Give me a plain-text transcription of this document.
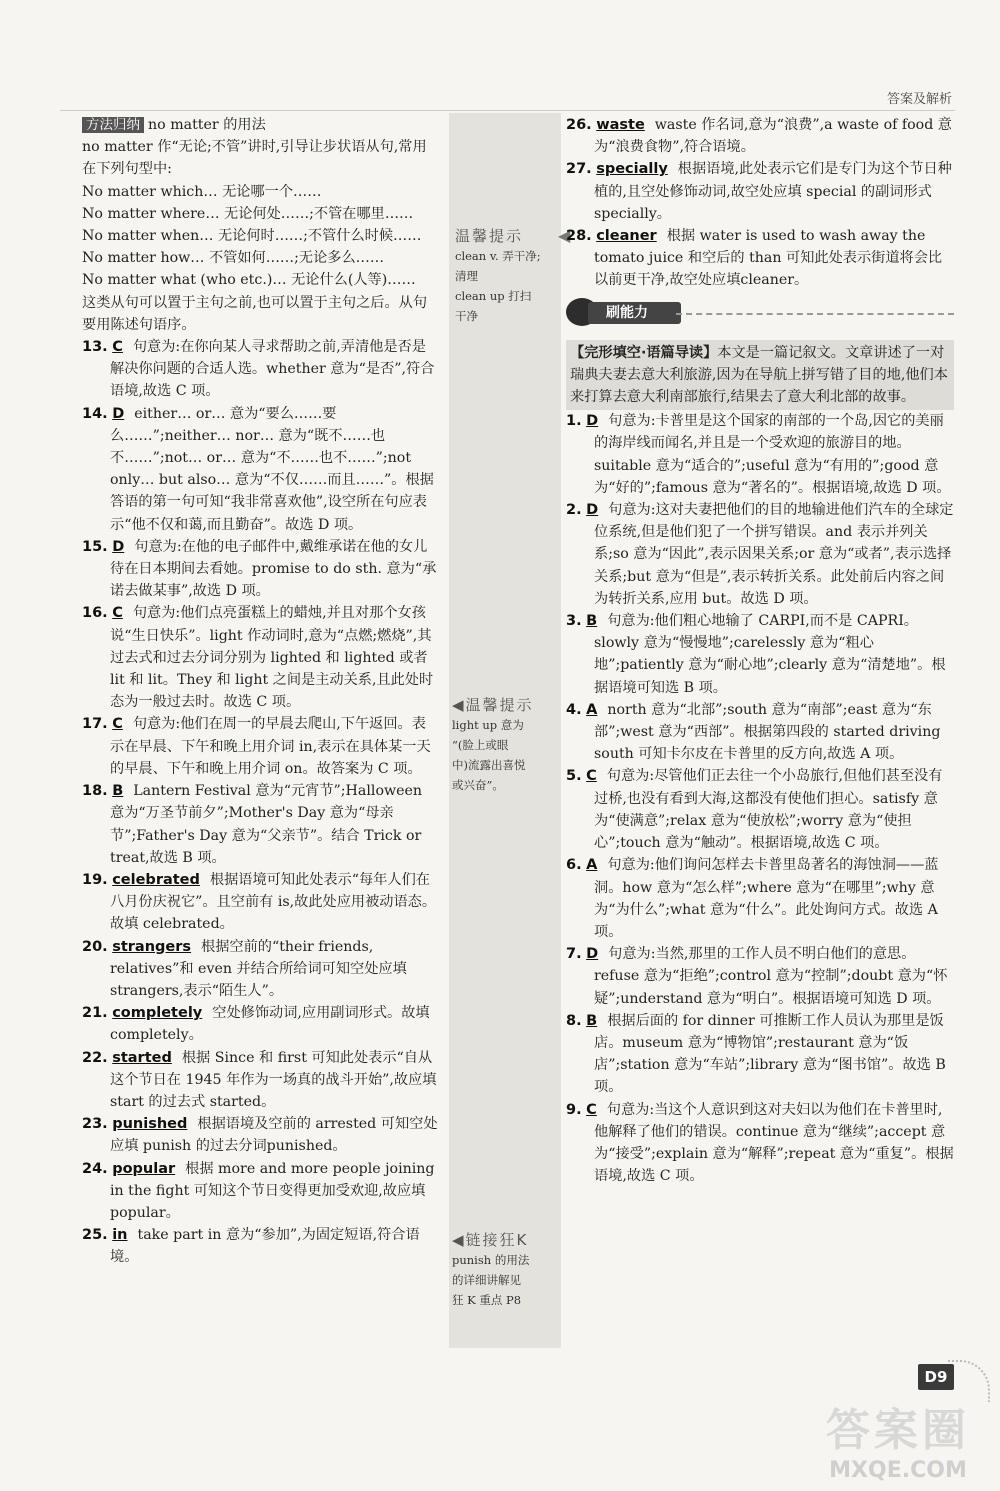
答案及解析
温馨提示
clean v. 弄干净;
清理
clean up 打扫
干净
◀
◀温馨提示
light up 意为
“(脸上或眼
中)流露出喜悦
或兴奋”。
◀链接狂K
punish 的用法
的详细讲解见
狂 K 重点 P8
方法归纳 no matter 的用法
no matter 作“无论;不管”讲时,引导让步状语从句,常用在下列句型中:
No matter which… 无论哪一个……
No matter where… 无论何处……;不管在哪里……
No matter when… 无论何时……;不管什么时候……
No matter how… 不管如何……;无论多么……
No matter what (who etc.)… 无论什么(人等)……
这类从句可以置于主句之前,也可以置于主句之后。从句要用陈述句语序。
13. C 句意为:在你向某人寻求帮助之前,弄清他是否是解决你问题的合适人选。whether 意为“是否”,符合语境,故选 C 项。
14. D either… or… 意为“要么……要么……”;neither… nor… 意为“既不……也不……”;not… or… 意为“不……也不……”;not only… but also… 意为“不仅……而且……”。根据答语的第一句可知“我非常喜欢他”,设空所在句应表示“他不仅和蔼,而且勤奋”。故选 D 项。
15. D 句意为:在他的电子邮件中,戴维承诺在他的女儿待在日本期间去看她。promise to do sth. 意为“承诺去做某事”,故选 D 项。
16. C 句意为:他们点亮蛋糕上的蜡烛,并且对那个女孩说“生日快乐”。light 作动词时,意为“点燃;燃烧”,其过去式和过去分词分别为 lighted 和 lighted 或者 lit 和 lit。They 和 light 之间是主动关系,且此处时态为一般过去时。故选 C 项。
17. C 句意为:他们在周一的早晨去爬山,下午返回。表示在早晨、下午和晚上用介词 in,表示在具体某一天的早晨、下午和晚上用介词 on。故答案为 C 项。
18. B Lantern Festival 意为“元宵节”;Halloween 意为“万圣节前夕”;Mother's Day 意为“母亲节”;Father's Day 意为“父亲节”。结合 Trick or treat,故选 B 项。
19. celebrated 根据语境可知此处表示“每年人们在八月份庆祝它”。且空前有 is,故此处应用被动语态。故填 celebrated。
20. strangers 根据空前的“their friends, relatives”和 even 并结合所给词可知空处应填 strangers,表示“陌生人”。
21. completely 空处修饰动词,应用副词形式。故填 completely。
22. started 根据 Since 和 first 可知此处表示“自从这个节日在 1945 年作为一场真的战斗开始”,故应填 start 的过去式 started。
23. punished 根据语境及空前的 arrested 可知空处应填 punish 的过去分词punished。
24. popular 根据 more and more people joining in the fight 可知这个节日变得更加受欢迎,故应填 popular。
25. in take part in 意为“参加”,为固定短语,符合语境。
26. waste waste 作名词,意为“浪费”,a waste of food 意为“浪费食物”,符合语境。
27. specially 根据语境,此处表示它们是专门为这个节日种植的,且空处修饰动词,故空处应填 special 的副词形式 specially。
28. cleaner 根据 water is used to wash away the tomato juice 和空后的 than 可知此处表示街道将会比以前更干净,故空处应填cleaner。
刷能力
【完形填空·语篇导读】本文是一篇记叙文。文章讲述了一对瑞典夫妻去意大利旅游,因为在导航上拼写错了目的地,他们本来打算去意大利南部旅行,结果去了意大利北部的故事。
1. D 句意为:卡普里是这个国家的南部的一个岛,因它的美丽的海岸线而闻名,并且是一个受欢迎的旅游目的地。suitable 意为“适合的”;useful 意为“有用的”;good 意为“好的”;famous 意为“著名的”。根据语境,故选 D 项。
2. D 句意为:这对夫妻把他们的目的地输进他们汽车的全球定位系统,但是他们犯了一个拼写错误。and 表示并列关系;so 意为“因此”,表示因果关系;or 意为“或者”,表示选择关系;but 意为“但是”,表示转折关系。此处前后内容之间为转折关系,应用 but。故选 D 项。
3. B 句意为:他们粗心地输了 CARPI,而不是 CAPRI。slowly 意为“慢慢地”;carelessly 意为“粗心地”;patiently 意为“耐心地”;clearly 意为“清楚地”。根据语境可知选 B 项。
4. A north 意为“北部”;south 意为“南部”;east 意为“东部”;west 意为“西部”。根据第四段的 started driving south 可知卡尔皮在卡普里的反方向,故选 A 项。
5. C 句意为:尽管他们正去往一个小岛旅行,但他们甚至没有过桥,也没有看到大海,这都没有使他们担心。satisfy 意为“使满意”;relax 意为“使放松”;worry 意为“使担心”;touch 意为“触动”。根据语境,故选 C 项。
6. A 句意为:他们询问怎样去卡普里岛著名的海蚀洞——蓝洞。how 意为“怎么样”;where 意为“在哪里”;why 意为“为什么”;what 意为“什么”。此处询问方式。故选 A 项。
7. D 句意为:当然,那里的工作人员不明白他们的意思。refuse 意为“拒绝”;control 意为“控制”;doubt 意为“怀疑”;understand 意为“明白”。根据语境可知选 D 项。
8. B 根据后面的 for dinner 可推断工作人员认为那里是饭店。museum 意为“博物馆”;restaurant 意为“饭店”;station 意为“车站”;library 意为“图书馆”。故选 B 项。
9. C 句意为:当这个人意识到这对夫妇以为他们在卡普里时,他解释了他们的错误。continue 意为“继续”;accept 意为“接受”;explain 意为“解释”;repeat 意为“重复”。根据语境,故选 C 项。
D9
答案圈
MXQE.COM
